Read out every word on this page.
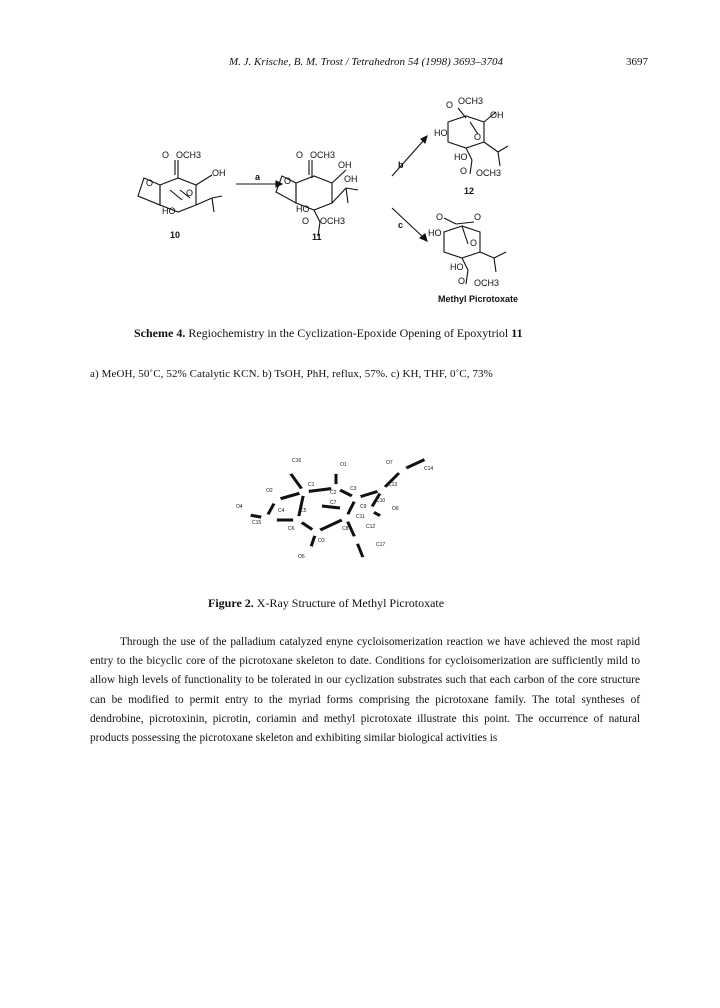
M. J. Krische, B. M. Trost / Tetrahedron 54 (1998) 3693–3704	3697
O OCH3
OH
O
O
HO
10
a
b
c
O OCH3
OH
OH
O
HO
O OCH3
11
O OCH3
OH
HO	O
HO
O OCH3
12
O	O
HO
O
HO
O OCH3
Methyl Picrotoxate
Scheme 4. Regiochemistry in the Cyclization-Epoxide Opening of Epoxytriol 11
a) MeOH, 50˚C, 52% Catalytic KCN. b) TsOH, PhH, reflux, 57%. c) KH, THF, 0˚C, 73%
C16
O1
C1
C2
O2	C3
C4
O4
C15
C5
C6
O3
C7
C8
C9
C10
O7
C14
C13
C11
O6
C12
C17
O5
Figure 2. X-Ray Structure of Methyl Picrotoxate

Through the use of the palladium catalyzed enyne cycloisomerization reaction we have achieved the most rapid entry to the bicyclic core of the picrotoxane skeleton to date. Conditions for cycloisomerization are sufficiently mild to allow high levels of functionality to be tolerated in our cyclization substrates such that each carbon of the core structure can be modified to permit entry to the myriad forms comprising the picrotoxane family. The total syntheses of dendrobine, picrotoxinin, picrotin, coriamin and methyl picrotoxate illustrate this point. The occurrence of natural products possessing the picrotoxane skeleton and exhibiting similar biological activities is
